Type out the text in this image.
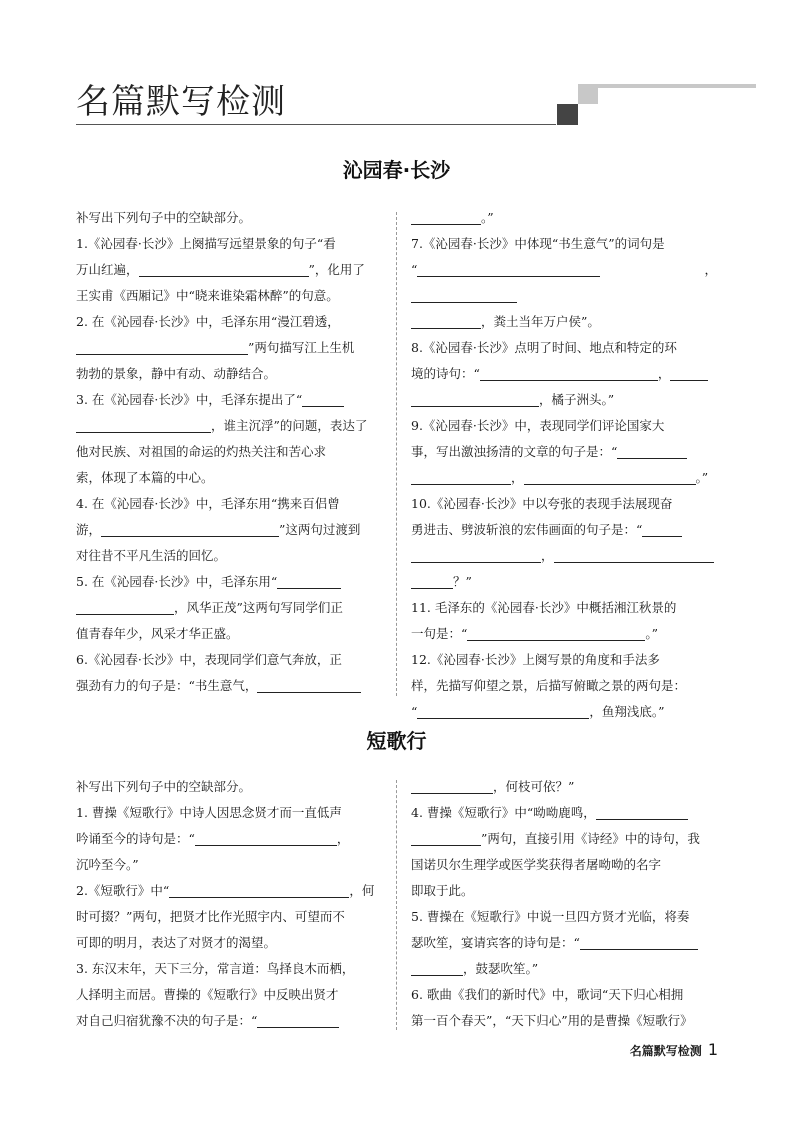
名篇默写检测
沁园春·长沙

补写出下列句子中的空缺部分。

1.《沁园春·长沙》上阕描写远望景象的句子“看

万山红遍，	”，化用了

王实甫《西厢记》中“晓来谁染霜林醉”的句意。

2. 在《沁园春·长沙》中，毛泽东用“漫江碧透，

”两句描写江上生机

勃勃的景象，静中有动、动静结合。

3. 在《沁园春·长沙》中，毛泽东提出了“

，谁主沉浮”的问题，表达了

他对民族、对祖国的命运的灼热关注和苦心求

索，体现了本篇的中心。

4. 在《沁园春·长沙》中，毛泽东用“携来百侣曾

游，	”这两句过渡到

对往昔不平凡生活的回忆。

5. 在《沁园春·长沙》中，毛泽东用“

，风华正茂”这两句写同学们正

值青春年少，风采才华正盛。

6.《沁园春·长沙》中，表现同学们意气奔放，正

强劲有力的句子是：“书生意气，

。”

7.《沁园春·长沙》中体现“书生意气”的词句是

“	，

，粪土当年万户侯”。

8.《沁园春·长沙》点明了时间、地点和特定的环

境的诗句：“	，

，橘子洲头。”

9.《沁园春·长沙》中，表现同学们评论国家大

事，写出激浊扬清的文章的句子是：“

，	。”

10.《沁园春·长沙》中以夸张的表现手法展现奋

勇进击、劈波斩浪的宏伟画面的句子是：“

，

？”

11. 毛泽东的《沁园春·长沙》中概括湘江秋景的

一句是：“	。”

12.《沁园春·长沙》上阕写景的角度和手法多

样，先描写仰望之景，后描写俯瞰之景的两句是：

“	，鱼翔浅底。”

短歌行

补写出下列句子中的空缺部分。

1. 曹操《短歌行》中诗人因思念贤才而一直低声

吟诵至今的诗句是：“	，

沉吟至今。”

2.《短歌行》中“	，何

时可掇？”两句，把贤才比作光照宇内、可望而不

可即的明月，表达了对贤才的渴望。

3. 东汉末年，天下三分，常言道：鸟择良木而栖，

人择明主而居。曹操的《短歌行》中反映出贤才

对自己归宿犹豫不决的句子是：“

，何枝可依？”

4. 曹操《短歌行》中“呦呦鹿鸣，

”两句，直接引用《诗经》中的诗句，我

国诺贝尔生理学或医学奖获得者屠呦呦的名字

即取于此。

5. 曹操在《短歌行》中说一旦四方贤才光临，将奏

瑟吹笙，宴请宾客的诗句是：“

，鼓瑟吹笙。”

6. 歌曲《我们的新时代》中，歌词“天下归心相拥

第一百个春天”，“天下归心”用的是曹操《短歌行》

名篇默写检测 1
